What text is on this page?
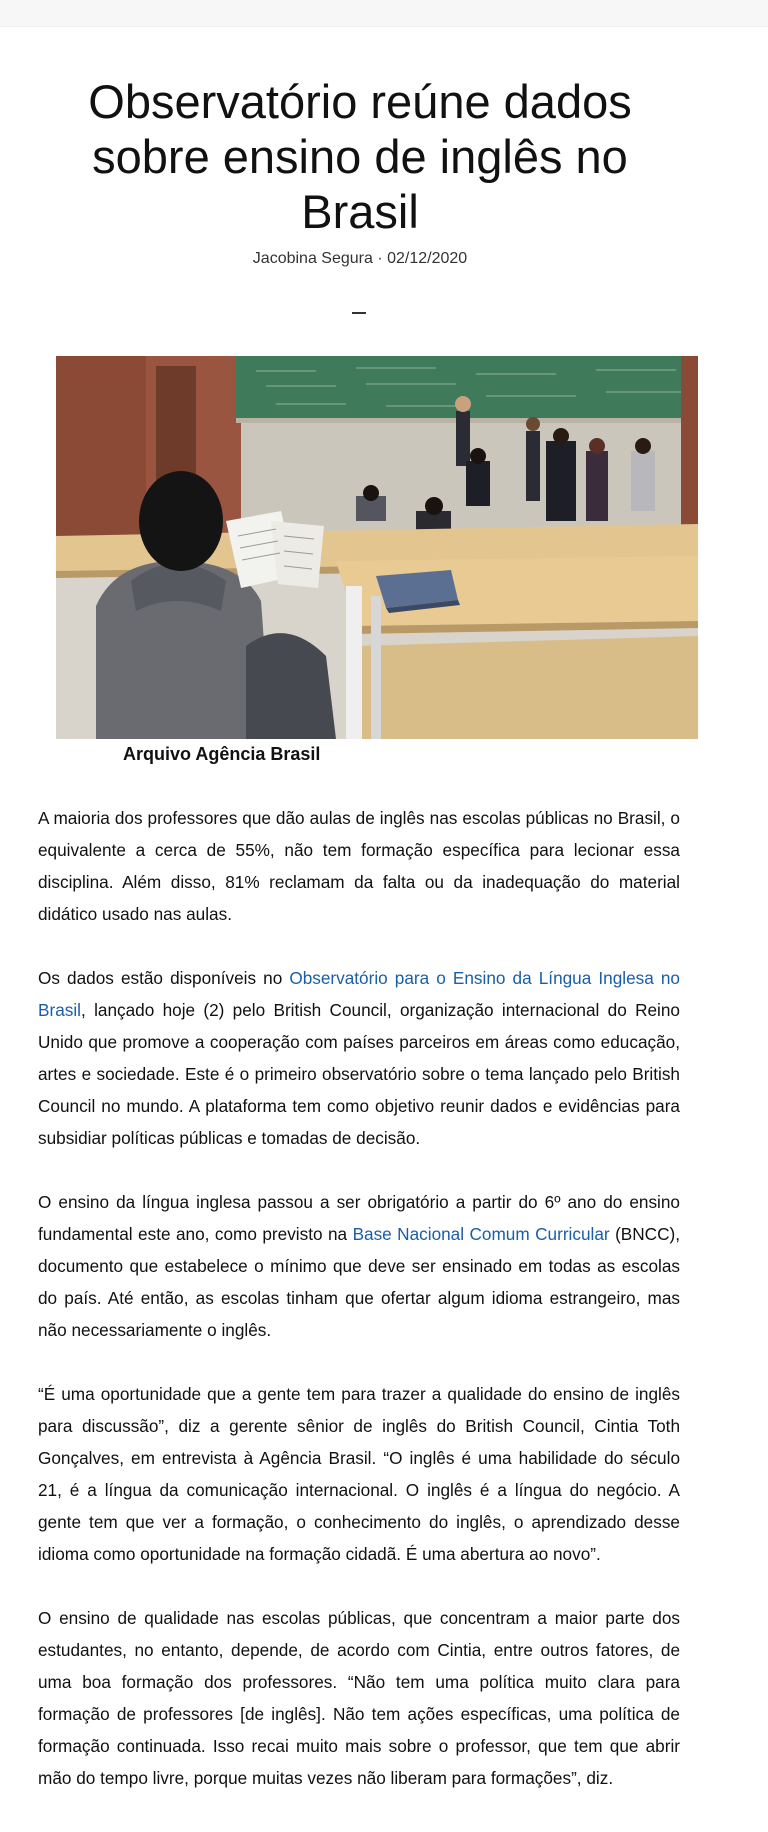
Observatório reúne dados sobre ensino de inglês no Brasil
Jacobina Segura · 02/12/2020
Arquivo Agência Brasil

A maioria dos professores que dão aulas de inglês nas escolas públicas no Brasil, o equivalente a cerca de 55%, não tem formação específica para lecionar essa disciplina. Além disso, 81% reclamam da falta ou da inadequação do material didático usado nas aulas.

Os dados estão disponíveis no Observatório para o Ensino da Língua Inglesa no Brasil, lançado hoje (2) pelo British Council, organização internacional do Reino Unido que promove a cooperação com países parceiros em áreas como educação, artes e sociedade. Este é o primeiro observatório sobre o tema lançado pelo British Council no mundo. A plataforma tem como objetivo reunir dados e evidências para subsidiar políticas públicas e tomadas de decisão.

O ensino da língua inglesa passou a ser obrigatório a partir do 6º ano do ensino fundamental este ano, como previsto na Base Nacional Comum Curricular (BNCC), documento que estabelece o mínimo que deve ser ensinado em todas as escolas do país. Até então, as escolas tinham que ofertar algum idioma estrangeiro, mas não necessariamente o inglês.

“É uma oportunidade que a gente tem para trazer a qualidade do ensino de inglês para discussão”, diz a gerente sênior de inglês do British Council, Cintia Toth Gonçalves, em entrevista à Agência Brasil. “O inglês é uma habilidade do século 21, é a língua da comunicação internacional. O inglês é a língua do negócio. A gente tem que ver a formação, o conhecimento do inglês, o aprendizado desse idioma como oportunidade na formação cidadã. É uma abertura ao novo”.

O ensino de qualidade nas escolas públicas, que concentram a maior parte dos estudantes, no entanto, depende, de acordo com Cintia, entre outros fatores, de uma boa formação dos professores. “Não tem uma política muito clara para formação de professores [de inglês]. Não tem ações específicas, uma política de formação continuada. Isso recai muito mais sobre o professor, que tem que abrir mão do tempo livre, porque muitas vezes não liberam para formações”, diz.
